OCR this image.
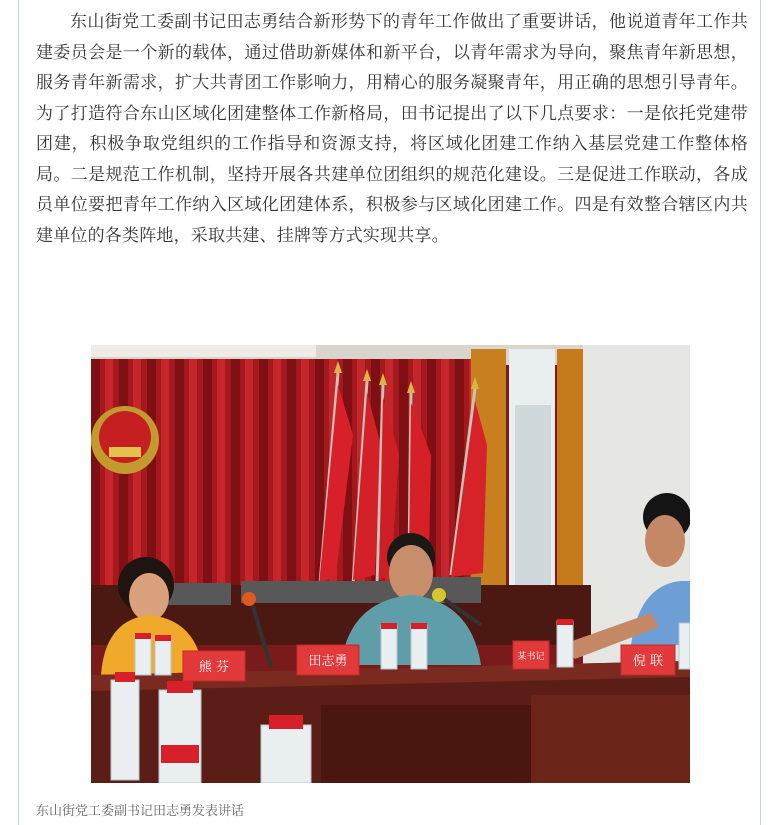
东山街党工委副书记田志勇结合新形势下的青年工作做出了重要讲话，他说道青年工作共建委员会是一个新的载体，通过借助新媒体和新平台，以青年需求为导向，聚焦青年新思想，服务青年新需求，扩大共青团工作影响力，用精心的服务凝聚青年，用正确的思想引导青年。为了打造符合东山区域化团建整体工作新格局，田书记提出了以下几点要求：一是依托党建带团建，积极争取党组织的工作指导和资源支持，将区域化团建工作纳入基层党建工作整体格局。二是规范工作机制，坚持开展各共建单位团组织的规范化建设。三是促进工作联动，各成员单位要把青年工作纳入区域化团建体系，积极参与区域化团建工作。四是有效整合辖区内共建单位的各类阵地，采取共建、挂牌等方式实现共享。

熊 芬	田志勇	某书记	倪 联

东山街党工委副书记田志勇发表讲话
